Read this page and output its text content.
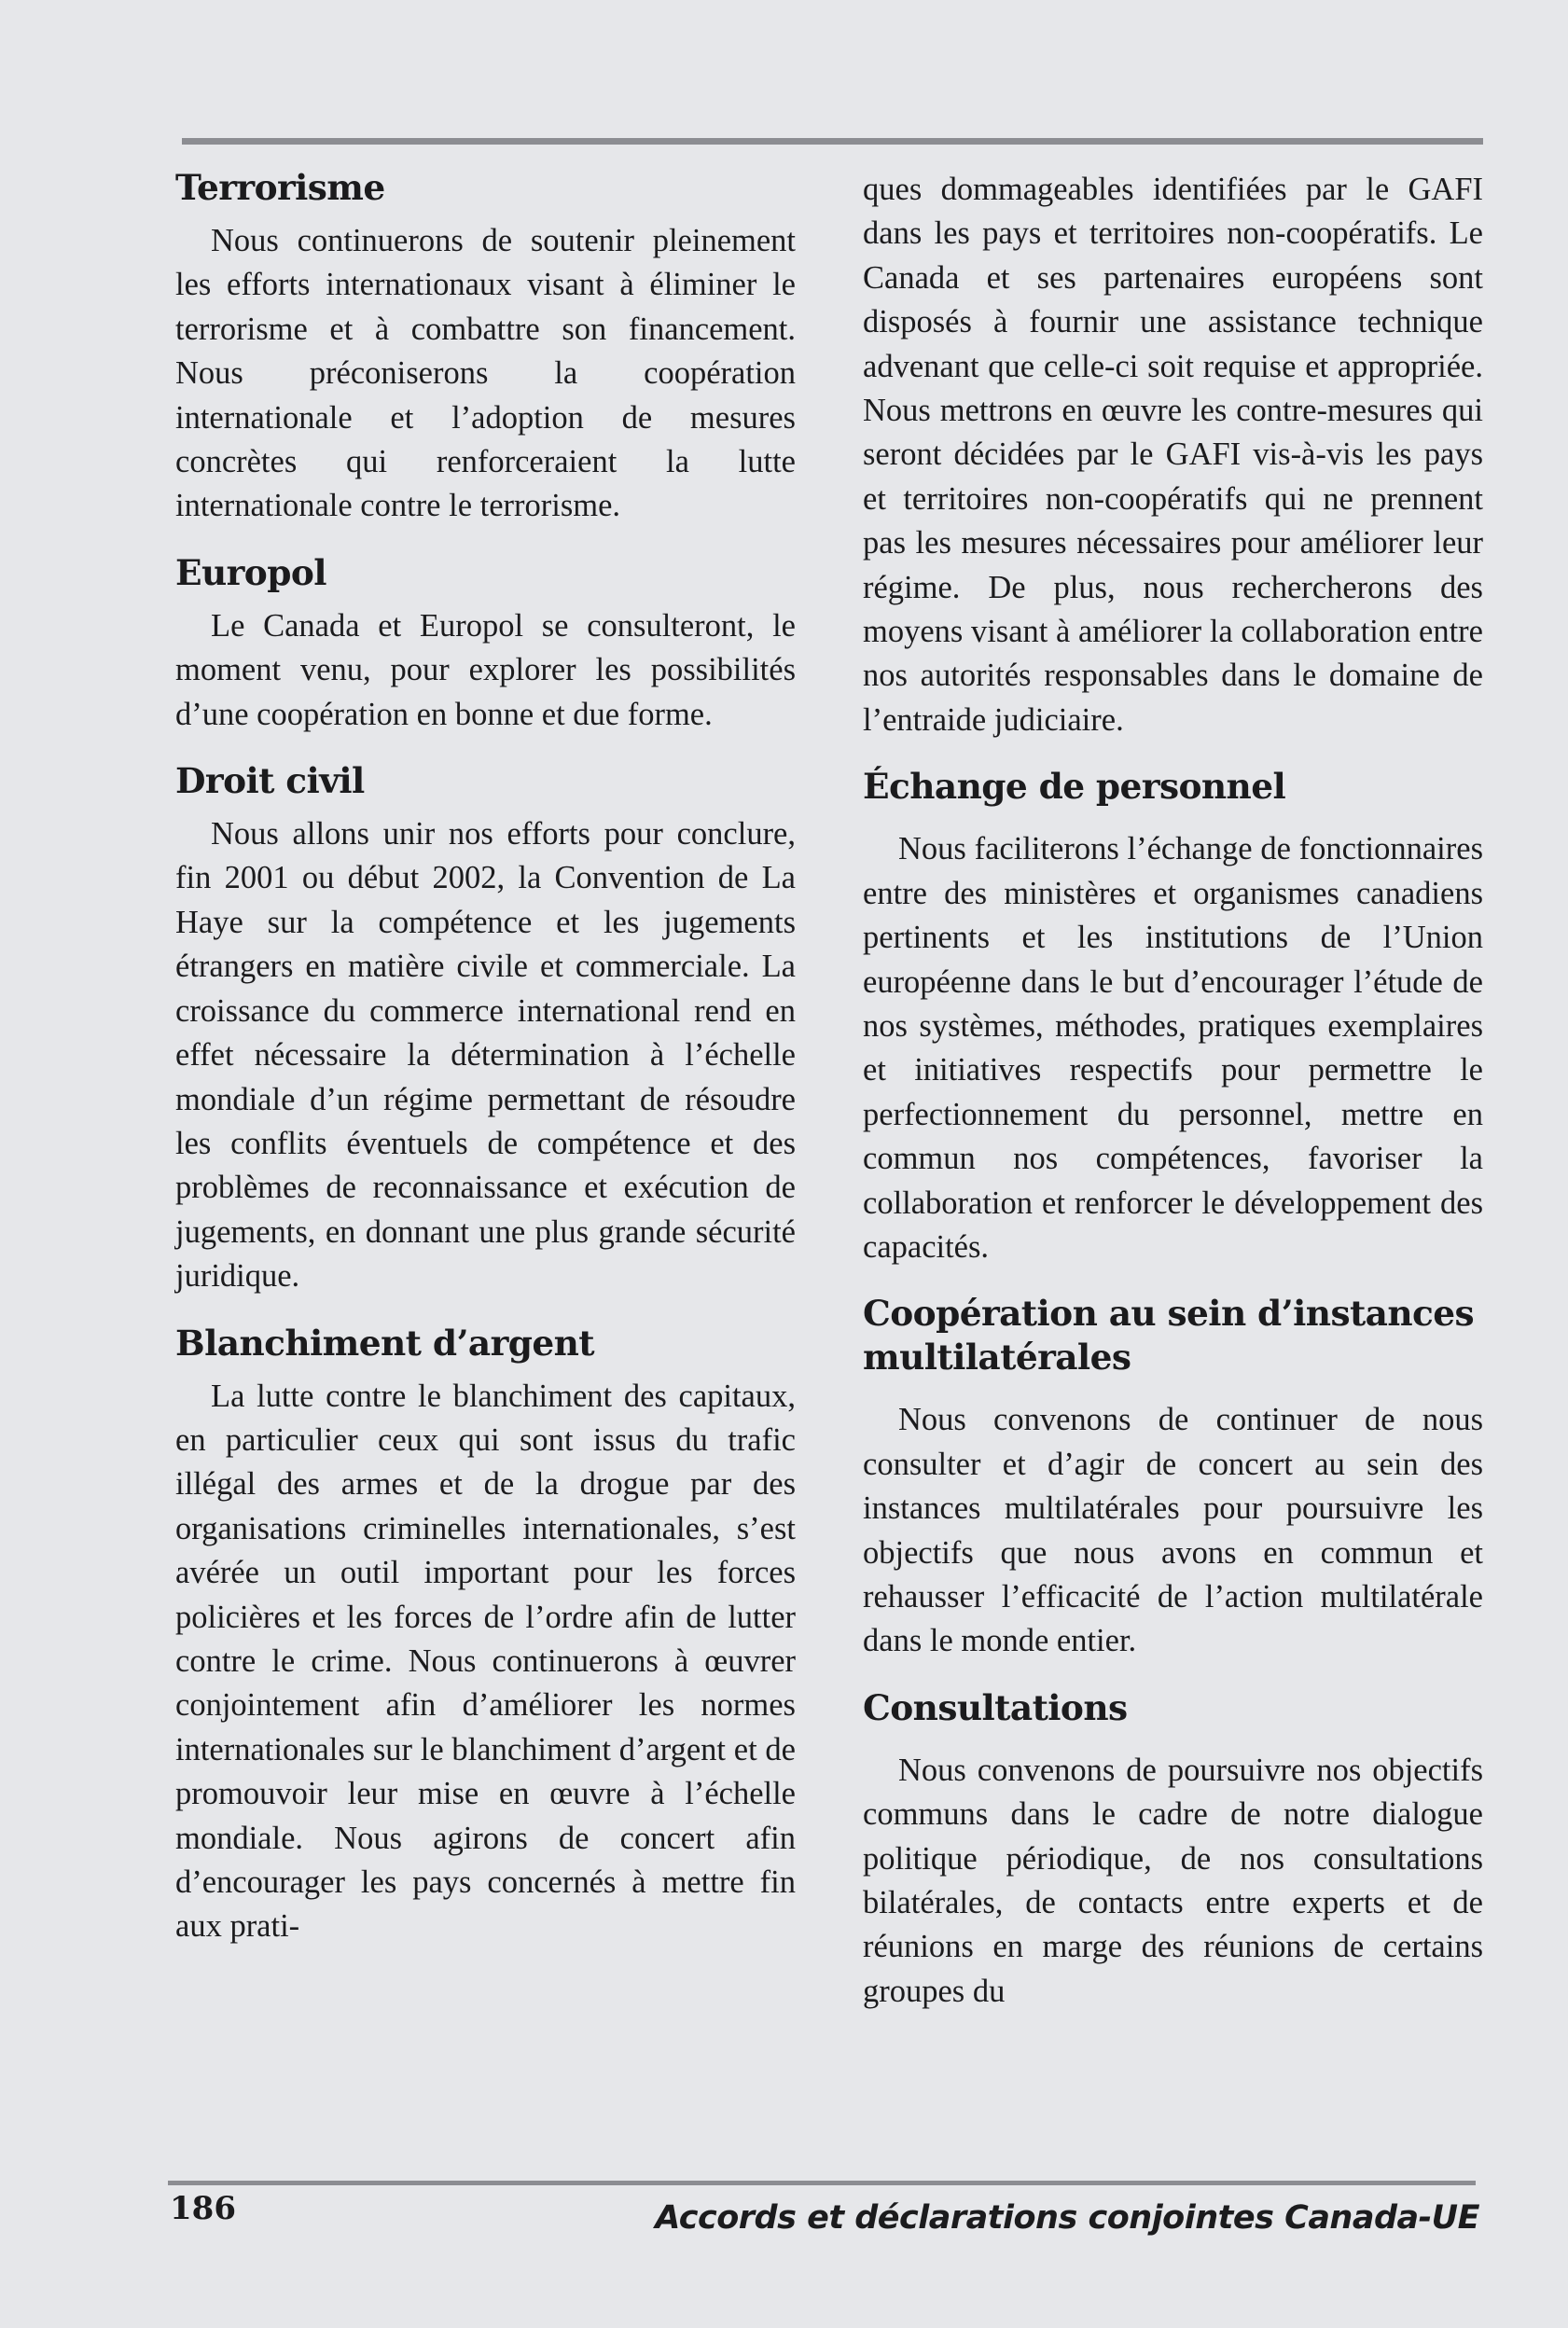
Terrorisme

Nous continuerons de soutenir pleinement les efforts internationaux visant à éliminer le terrorisme et à combattre son financement. Nous préconiserons la coopération internationale et l’adoption de mesures concrètes qui renforceraient la lutte internationale contre le terrorisme.

Europol

Le Canada et Europol se consulteront, le moment venu, pour explorer les possibilités d’une coopération en bonne et due forme.

Droit civil

Nous allons unir nos efforts pour conclure, fin 2001 ou début 2002, la Convention de La Haye sur la compétence et les jugements étrangers en matière civile et commerciale. La croissance du commerce international rend en effet nécessaire la détermination à l’échelle mondiale d’un régime permettant de résoudre les conflits éventuels de compétence et des problèmes de reconnaissance et exécution de jugements, en donnant une plus grande sécurité juridique.

Blanchiment d’argent

La lutte contre le blanchiment des capitaux, en particulier ceux qui sont issus du trafic illégal des armes et de la drogue par des organisations criminelles internationales, s’est avérée un outil important pour les forces policières et les forces de l’ordre afin de lutter contre le crime. Nous continuerons à œuvrer conjointement afin d’améliorer les normes internationales sur le blanchiment d’argent et de promouvoir leur mise en œuvre à l’échelle mondiale. Nous agirons de concert afin d’encourager les pays concernés à mettre fin aux prati-

ques dommageables identifiées par le GAFI dans les pays et territoires non-coopératifs. Le Canada et ses partenaires européens sont disposés à fournir une assistance technique advenant que celle-ci soit requise et appropriée. Nous mettrons en œuvre les contre-mesures qui seront décidées par le GAFI vis-à-vis les pays et territoires non-coopératifs qui ne prennent pas les mesures nécessaires pour améliorer leur régime. De plus, nous rechercherons des moyens visant à améliorer la collaboration entre nos autorités responsables dans le domaine de l’entraide judiciaire.

Échange de personnel

Nous faciliterons l’échange de fonctionnaires entre des ministères et organismes canadiens pertinents et les institutions de l’Union européenne dans le but d’encourager l’étude de nos systèmes, méthodes, pratiques exemplaires et initiatives respectifs pour permettre le perfectionnement du personnel, mettre en commun nos compétences, favoriser la collaboration et renforcer le développement des capacités.

Coopération au sein d’instances multilatérales

Nous convenons de continuer de nous consulter et d’agir de concert au sein des instances multilatérales pour poursuivre les objectifs que nous avons en commun et rehausser l’efficacité de l’action multilatérale dans le monde entier.

Consultations

Nous convenons de poursuivre nos objectifs communs dans le cadre de notre dialogue politique périodique, de nos consultations bilatérales, de contacts entre experts et de réunions en marge des réunions de certains groupes du

186	Accords et déclarations conjointes Canada-UE
